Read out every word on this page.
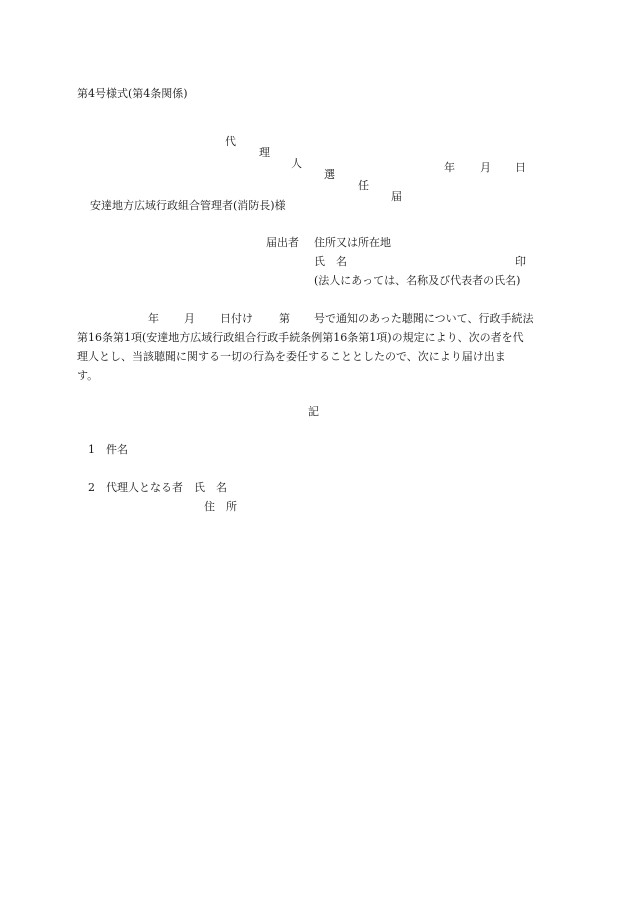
第4号様式(第4条関係)

代

理

人

選

任

届

年 月 日
安達地方広域行政組合管理者(消防長)様
届出者 住所又は所在地
氏　名	印
(法人にあっては、名称及び代表者の氏名)

年

月

日付け

第

号で通知のあった聴聞について、行政手続法

第16条第1項(安達地方広域行政組合行政手続条例第16条第1項)の規定により、次の者を代
理人とし、当該聴聞に関する一切の行為を委任することとしたので、次により届け出ま
す。
記
1　件名
2　代理人となる者　氏　名
住　所
